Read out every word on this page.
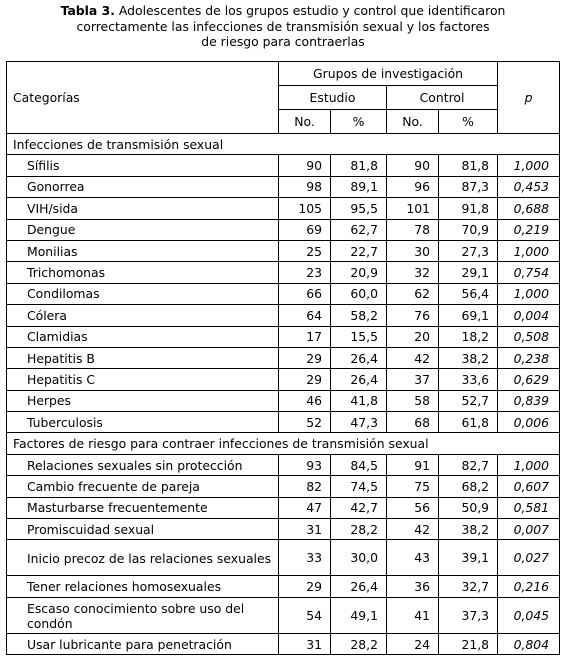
Tabla 3. Adolescentes de los grupos estudio y control que identificaron
correctamente las infecciones de transmisión sexual y los factores
de riesgo para contraerlas
Categorías	Grupos de investigación				p
	Estudio		Control		
	No.	%	No.	%	
Infecciones de transmisión sexual					
Sífilis	90	81,8	90	81,8	1,000
Gonorrea	98	89,1	96	87,3	0,453
VIH/sida	105	95,5	101	91,8	0,688
Dengue	69	62,7	78	70,9	0,219
Monilias	25	22,7	30	27,3	1,000
Trichomonas	23	20,9	32	29,1	0,754
Condilomas	66	60,0	62	56,4	1,000
Cólera	64	58,2	76	69,1	0,004
Clamidias	17	15,5	20	18,2	0,508
Hepatitis B	29	26,4	42	38,2	0,238
Hepatitis C	29	26,4	37	33,6	0,629
Herpes	46	41,8	58	52,7	0,839
Tuberculosis	52	47,3	68	61,8	0,006
Factores de riesgo para contraer infecciones de transmisión sexual					
Relaciones sexuales sin protección	93	84,5	91	82,7	1,000
Cambio frecuente de pareja	82	74,5	75	68,2	0,607
Masturbarse frecuentemente	47	42,7	56	50,9	0,581
Promiscuidad sexual	31	28,2	42	38,2	0,007
Inicio precoz de las relaciones sexuales	33	30,0	43	39,1	0,027
Tener relaciones homosexuales	29	26,4	36	32,7	0,216
Escaso conocimiento sobre uso del condón	54	49,1	41	37,3	0,045
Usar lubricante para penetración	31	28,2	24	21,8	0,804
